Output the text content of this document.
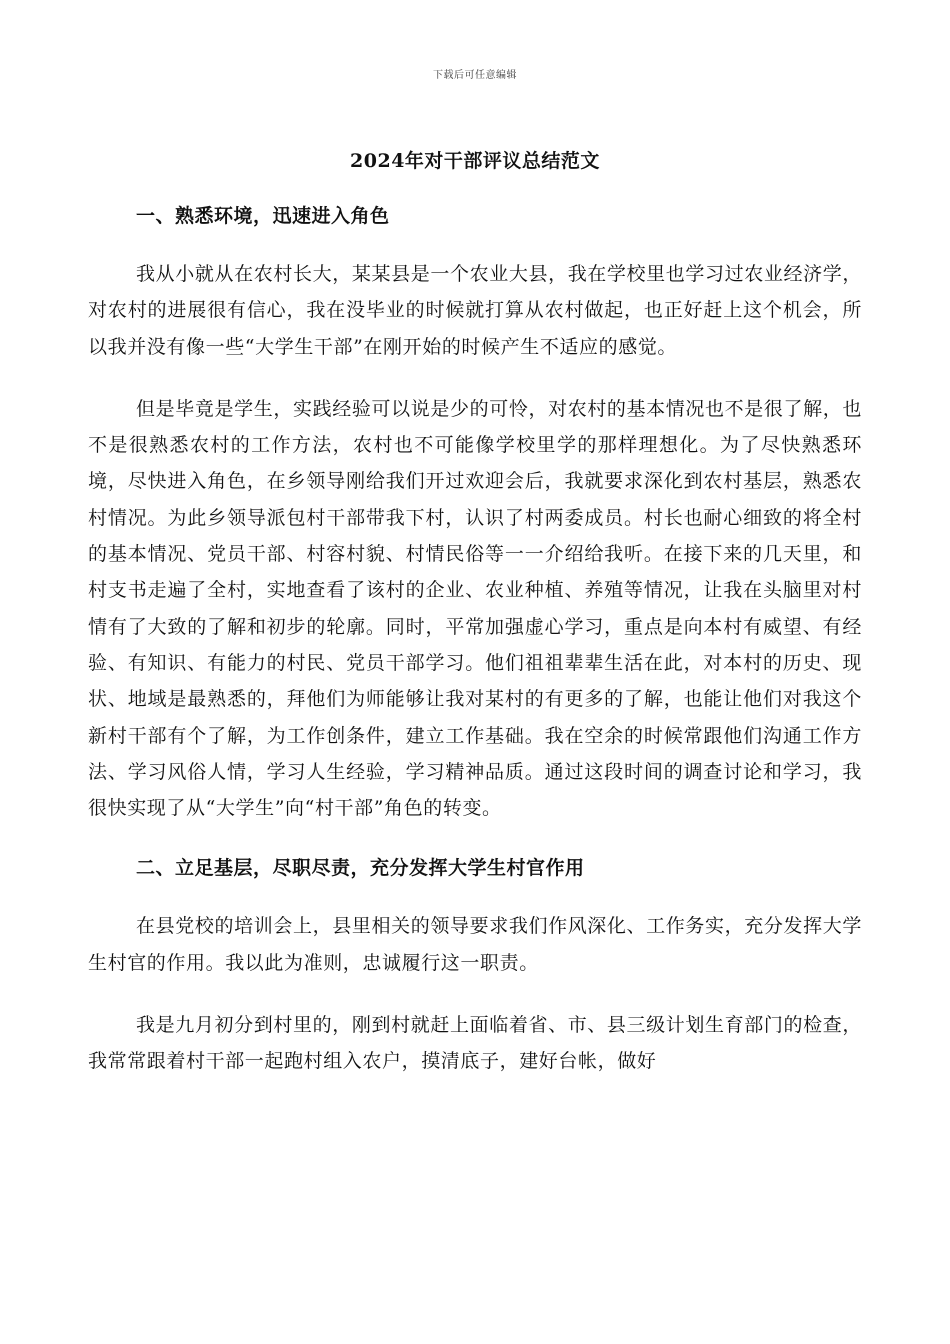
下载后可任意编辑
2024年对干部评议总结范文
一、熟悉环境，迅速进入角色

我从小就从在农村长大，某某县是一个农业大县，我在学校里也学习过农业经济学，对农村的进展很有信心，我在没毕业的时候就打算从农村做起，也正好赶上这个机会，所以我并没有像一些“大学生干部”在刚开始的时候产生不适应的感觉。

但是毕竟是学生，实践经验可以说是少的可怜，对农村的基本情况也不是很了解，也不是很熟悉农村的工作方法，农村也不可能像学校里学的那样理想化。为了尽快熟悉环境，尽快进入角色，在乡领导刚给我们开过欢迎会后，我就要求深化到农村基层，熟悉农村情况。为此乡领导派包村干部带我下村，认识了村两委成员。村长也耐心细致的将全村的基本情况、党员干部、村容村貌、村情民俗等一一介绍给我听。在接下来的几天里，和村支书走遍了全村，实地查看了该村的企业、农业种植、养殖等情况，让我在头脑里对村情有了大致的了解和初步的轮廓。同时，平常加强虚心学习，重点是向本村有威望、有经验、有知识、有能力的村民、党员干部学习。他们祖祖辈辈生活在此，对本村的历史、现状、地域是最熟悉的，拜他们为师能够让我对某村的有更多的了解，也能让他们对我这个新村干部有个了解，为工作创条件，建立工作基础。我在空余的时候常跟他们沟通工作方法、学习风俗人情，学习人生经验，学习精神品质。通过这段时间的调查讨论和学习，我很快实现了从“大学生”向“村干部”角色的转变。

二、立足基层，尽职尽责，充分发挥大学生村官作用

在县党校的培训会上，县里相关的领导要求我们作风深化、工作务实，充分发挥大学生村官的作用。我以此为准则，忠诚履行这一职责。

我是九月初分到村里的，刚到村就赶上面临着省、市、县三级计划生育部门的检查，我常常跟着村干部一起跑村组入农户，摸清底子，建好台帐，做好
